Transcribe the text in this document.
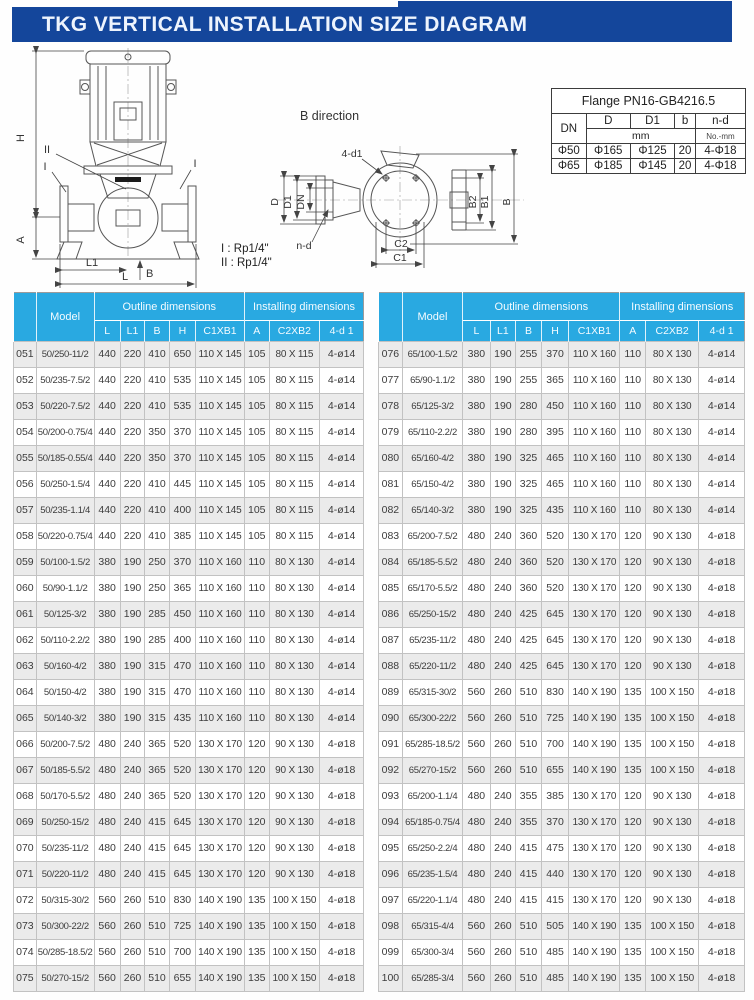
TKG VERTICAL INSTALLATION SIZE DIAGRAM
H
A
L1
L B
II
I	I
B direction
D D1 DN	B2 B1 B
C2
C1
4-d1
n-d
I : Rp1/4"
II : Rp1/4"
Flange PN16-GB4216.5				
DN	D	D1	b	n-d
	mm			No.-mm
Φ50	Φ165	Φ125	20	4-Φ18
Φ65	Φ185	Φ145	20	4-Φ18
	Model	Outline dimensions					Installing dimensions		
		L	L1	B	H	C1XB1	A	C2XB2	4-d 1
051	50/250-11/2	440	220	410	650	110 X 145	105	80 X 115	4-ø14
052	50/235-7.5/2	440	220	410	535	110 X 145	105	80 X 115	4-ø14
053	50/220-7.5/2	440	220	410	535	110 X 145	105	80 X 115	4-ø14
054	50/200-0.75/4	440	220	350	370	110 X 145	105	80 X 115	4-ø14
055	50/185-0.55/4	440	220	350	370	110 X 145	105	80 X 115	4-ø14
056	50/250-1.5/4	440	220	410	445	110 X 145	105	80 X 115	4-ø14
057	50/235-1.1/4	440	220	410	400	110 X 145	105	80 X 115	4-ø14
058	50/220-0.75/4	440	220	410	385	110 X 145	105	80 X 115	4-ø14
059	50/100-1.5/2	380	190	250	370	110 X 160	110	80 X 130	4-ø14
060	50/90-1.1/2	380	190	250	365	110 X 160	110	80 X 130	4-ø14
061	50/125-3/2	380	190	285	450	110 X 160	110	80 X 130	4-ø14
062	50/110-2.2/2	380	190	285	400	110 X 160	110	80 X 130	4-ø14
063	50/160-4/2	380	190	315	470	110 X 160	110	80 X 130	4-ø14
064	50/150-4/2	380	190	315	470	110 X 160	110	80 X 130	4-ø14
065	50/140-3/2	380	190	315	435	110 X 160	110	80 X 130	4-ø14
066	50/200-7.5/2	480	240	365	520	130 X 170	120	90 X 130	4-ø18
067	50/185-5.5/2	480	240	365	520	130 X 170	120	90 X 130	4-ø18
068	50/170-5.5/2	480	240	365	520	130 X 170	120	90 X 130	4-ø18
069	50/250-15/2	480	240	415	645	130 X 170	120	90 X 130	4-ø18
070	50/235-11/2	480	240	415	645	130 X 170	120	90 X 130	4-ø18
071	50/220-11/2	480	240	415	645	130 X 170	120	90 X 130	4-ø18
072	50/315-30/2	560	260	510	830	140 X 190	135	100 X 150	4-ø18
073	50/300-22/2	560	260	510	725	140 X 190	135	100 X 150	4-ø18
074	50/285-18.5/2	560	260	510	700	140 X 190	135	100 X 150	4-ø18
075	50/270-15/2	560	260	510	655	140 X 190	135	100 X 150	4-ø18
	Model	Outline dimensions					Installing dimensions		
		L	L1	B	H	C1XB1	A	C2XB2	4-d 1
076	65/100-1.5/2	380	190	255	370	110 X 160	110	80 X 130	4-ø14
077	65/90-1.1/2	380	190	255	365	110 X 160	110	80 X 130	4-ø14
078	65/125-3/2	380	190	280	450	110 X 160	110	80 X 130	4-ø14
079	65/110-2.2/2	380	190	280	395	110 X 160	110	80 X 130	4-ø14
080	65/160-4/2	380	190	325	465	110 X 160	110	80 X 130	4-ø14
081	65/150-4/2	380	190	325	465	110 X 160	110	80 X 130	4-ø14
082	65/140-3/2	380	190	325	435	110 X 160	110	80 X 130	4-ø14
083	65/200-7.5/2	480	240	360	520	130 X 170	120	90 X 130	4-ø18
084	65/185-5.5/2	480	240	360	520	130 X 170	120	90 X 130	4-ø18
085	65/170-5.5/2	480	240	360	520	130 X 170	120	90 X 130	4-ø18
086	65/250-15/2	480	240	425	645	130 X 170	120	90 X 130	4-ø18
087	65/235-11/2	480	240	425	645	130 X 170	120	90 X 130	4-ø18
088	65/220-11/2	480	240	425	645	130 X 170	120	90 X 130	4-ø18
089	65/315-30/2	560	260	510	830	140 X 190	135	100 X 150	4-ø18
090	65/300-22/2	560	260	510	725	140 X 190	135	100 X 150	4-ø18
091	65/285-18.5/2	560	260	510	700	140 X 190	135	100 X 150	4-ø18
092	65/270-15/2	560	260	510	655	140 X 190	135	100 X 150	4-ø18
093	65/200-1.1/4	480	240	355	385	130 X 170	120	90 X 130	4-ø18
094	65/185-0.75/4	480	240	355	370	130 X 170	120	90 X 130	4-ø18
095	65/250-2.2/4	480	240	415	475	130 X 170	120	90 X 130	4-ø18
096	65/235-1.5/4	480	240	415	440	130 X 170	120	90 X 130	4-ø18
097	65/220-1.1/4	480	240	415	415	130 X 170	120	90 X 130	4-ø18
098	65/315-4/4	560	260	510	505	140 X 190	135	100 X 150	4-ø18
099	65/300-3/4	560	260	510	485	140 X 190	135	100 X 150	4-ø18
100	65/285-3/4	560	260	510	485	140 X 190	135	100 X 150	4-ø18
